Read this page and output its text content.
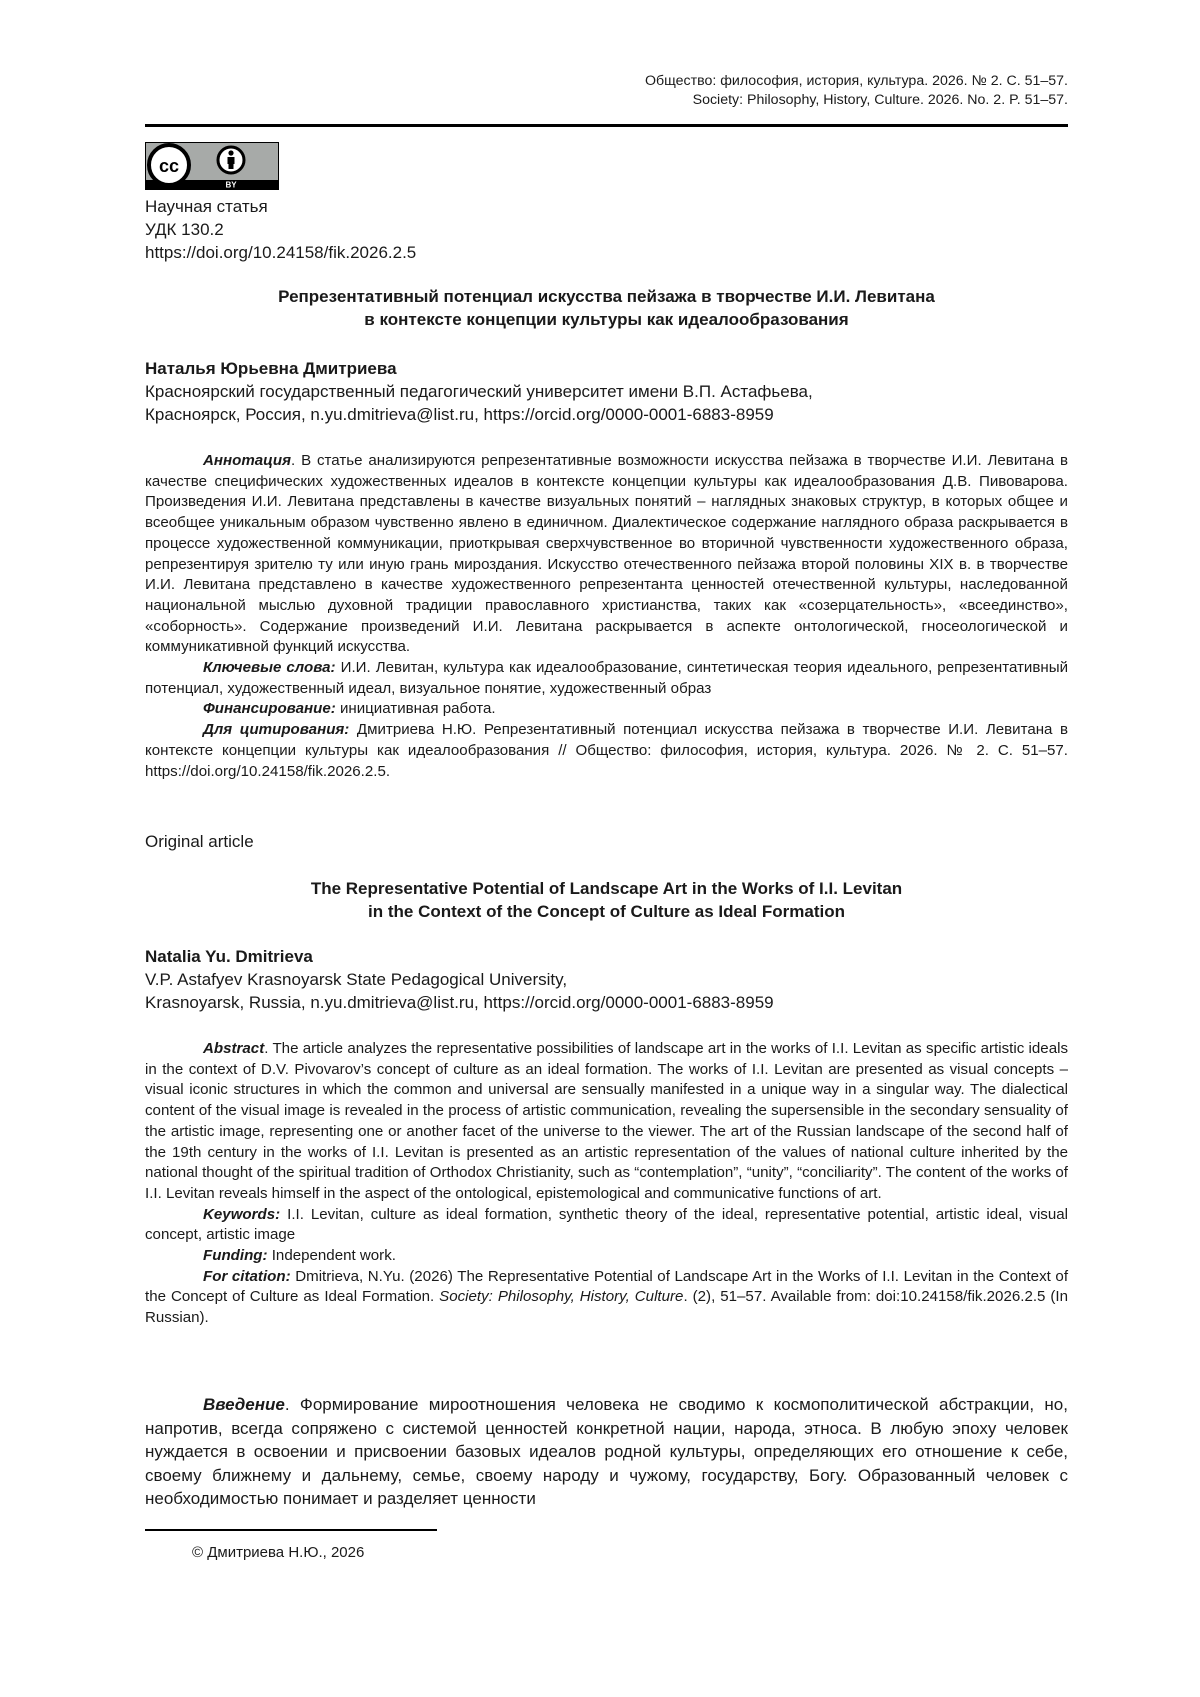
Общество: философия, история, культура. 2026. № 2. С. 51–57.
Society: Philosophy, History, Culture. 2026. No. 2. P. 51–57.
cc
BY
Научная статья
УДК 130.2
https://doi.org/10.24158/fik.2026.2.5
Репрезентативный потенциал искусства пейзажа в творчестве И.И. Левитана
в контексте концепции культуры как идеалообразования
Наталья Юрьевна Дмитриева
Красноярский государственный педагогический университет имени В.П. Астафьева,
Красноярск, Россия, n.yu.dmitrieva@list.ru, https://orcid.org/0000-0001-6883-8959

Аннотация. В статье анализируются репрезентативные возможности искусства пейзажа в творчестве И.И. Левитана в качестве специфических художественных идеалов в контексте концепции культуры как идеалообразования Д.В. Пивоварова. Произведения И.И. Левитана представлены в качестве визуальных понятий – наглядных знаковых структур, в которых общее и всеобщее уникальным образом чувственно явлено в единичном. Диалектическое содержание наглядного образа раскрывается в процессе художественной коммуникации, приоткрывая сверхчувственное во вторичной чувственности художественного образа, репрезентируя зрителю ту или иную грань мироздания. Искусство отечественного пейзажа второй половины XIX в. в творчестве И.И. Левитана представлено в качестве художественного репрезентанта ценностей отечественной культуры, наследованной национальной мыслью духовной традиции православного христианства, таких как «созерцательность», «всеединство», «соборность». Содержание произведений И.И. Левитана раскрывается в аспекте онтологической, гносеологической и коммуникативной функций искусства.

Ключевые слова: И.И. Левитан, культура как идеалообразование, синтетическая теория идеального, репрезентативный потенциал, художественный идеал, визуальное понятие, художественный образ

Финансирование: инициативная работа.

Для цитирования: Дмитриева Н.Ю. Репрезентативный потенциал искусства пейзажа в творчестве И.И. Левитана в контексте концепции культуры как идеалообразования // Общество: философия, история, культура. 2026. № 2. С. 51–57. https://doi.org/10.24158/fik.2026.2.5.

Original article
The Representative Potential of Landscape Art in the Works of I.I. Levitan
in the Context of the Concept of Culture as Ideal Formation
Natalia Yu. Dmitrieva
V.P. Astafyev Krasnoyarsk State Pedagogical University,
Krasnoyarsk, Russia, n.yu.dmitrieva@list.ru, https://orcid.org/0000-0001-6883-8959

Abstract. The article analyzes the representative possibilities of landscape art in the works of I.I. Levitan as specific artistic ideals in the context of D.V. Pivovarov’s concept of culture as an ideal formation. The works of I.I. Levitan are presented as visual concepts – visual iconic structures in which the common and universal are sensually manifested in a unique way in a singular way. The dialectical content of the visual image is revealed in the process of artistic communication, revealing the supersensible in the secondary sensuality of the artistic image, representing one or another facet of the universe to the viewer. The art of the Russian landscape of the second half of the 19th century in the works of I.I. Levitan is presented as an artistic representation of the values of national culture inherited by the national thought of the spiritual tradition of Orthodox Christianity, such as “contemplation”, “unity”, “conciliarity”. The content of the works of I.I. Levitan reveals himself in the aspect of the ontological, epistemological and communicative functions of art.

Keywords: I.I. Levitan, culture as ideal formation, synthetic theory of the ideal, representative potential, artistic ideal, visual concept, artistic image

Funding: Independent work.

For citation: Dmitrieva, N.Yu. (2026) The Representative Potential of Landscape Art in the Works of I.I. Levitan in the Context of the Concept of Culture as Ideal Formation. Society: Philosophy, History, Culture. (2), 51–57. Available from: doi:10.24158/fik.2026.2.5 (In Russian).

Введение. Формирование мироотношения человека не сводимо к космополитической абстракции, но, напротив, всегда сопряжено с системой ценностей конкретной нации, народа, этноса. В любую эпоху человек нуждается в освоении и присвоении базовых идеалов родной культуры, определяющих его отношение к себе, своему ближнему и дальнему, семье, своему народу и чужому, государству, Богу. Образованный человек с необходимостью понимает и разделяет ценности

© Дмитриева Н.Ю., 2026
